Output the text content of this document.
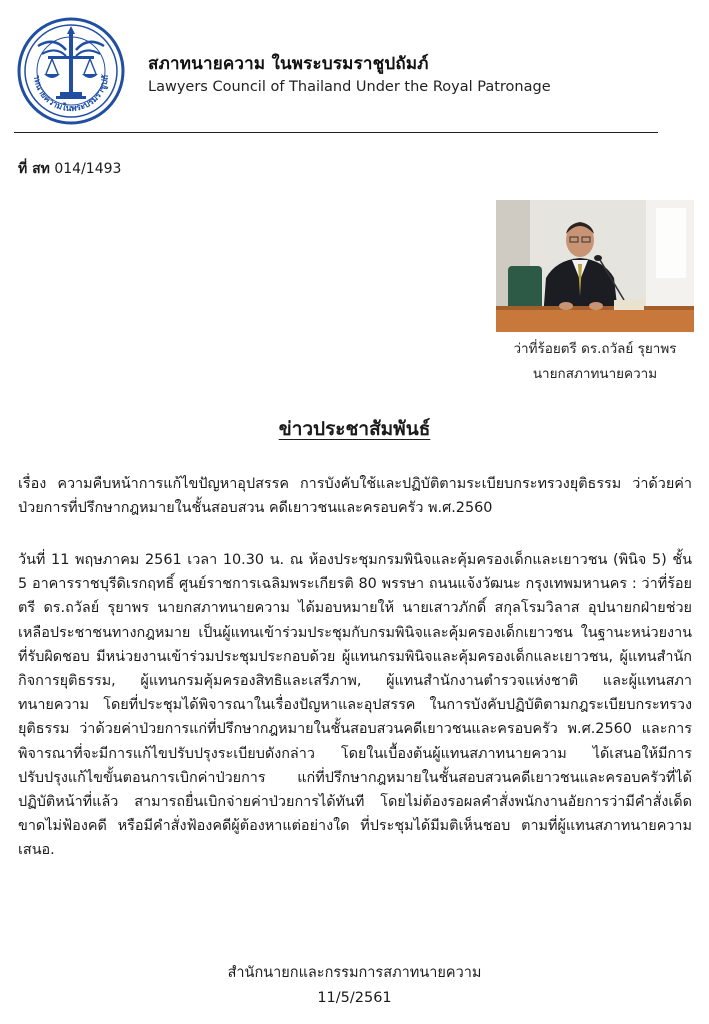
าทนายความในพระบรมราชูปถั
สภาทนายความ ในพระบรมราชูปถัมภ์
Lawyers Council of Thailand Under the Royal Patronage
ที่ สท 014/1493
ว่าที่ร้อยตรี ดร.ถวัลย์ รุยาพร
นายกสภาทนายความ
ข่าวประชาสัมพันธ์
เรื่อง ความคืบหน้าการแก้ไขปัญหาอุปสรรค การบังคับใช้และปฏิบัติตามระเบียบกระทรวงยุติธรรม ว่าด้วยค่าป่วยการที่ปรึกษากฎหมายในชั้นสอบสวน คดีเยาวชนและครอบครัว พ.ศ.2560
วันที่ 11 พฤษภาคม 2561 เวลา 10.30 น. ณ ห้องประชุมกรมพินิจและคุ้มครองเด็กและเยาวชน (พินิจ 5) ชั้น 5 อาคารราชบุรีดิเรกฤทธิ์ ศูนย์ราชการเฉลิมพระเกียรติ 80 พรรษา ถนนแจ้งวัฒนะ กรุงเทพมหานคร : ว่าที่ร้อยตรี ดร.ถวัลย์ รุยาพร นายกสภาทนายความ ได้มอบหมายให้ นายเสาวภักดิ์ สกุลโรมวิลาส อุปนายกฝ่ายช่วยเหลือประชาชนทางกฎหมาย เป็นผู้แทนเข้าร่วมประชุมกับกรมพินิจและคุ้มครองเด็กเยาวชน ในฐานะหน่วยงานที่รับผิดชอบ มีหน่วยงานเข้าร่วมประชุมประกอบด้วย ผู้แทนกรมพินิจและคุ้มครองเด็กและเยาวชน, ผู้แทนสำนักกิจการยุติธรรม, ผู้แทนกรมคุ้มครองสิทธิและเสรีภาพ, ผู้แทนสำนักงานตำรวจแห่งชาติ และผู้แทนสภาทนายความ โดยที่ประชุมได้พิจารณาในเรื่องปัญหาและอุปสรรค ในการบังคับปฏิบัติตามกฎระเบียบกระทรวงยุติธรรม ว่าด้วยค่าป่วยการแก่ที่ปรึกษากฎหมายในชั้นสอบสวนคดีเยาวชนและครอบครัว พ.ศ.2560 และการพิจารณาที่จะมีการแก้ไขปรับปรุงระเบียบดังกล่าว โดยในเบื้องต้นผู้แทนสภาทนายความ ได้เสนอให้มีการปรับปรุงแก้ไขขั้นตอนการเบิกค่าป่วยการ แก่ที่ปรึกษากฎหมายในชั้นสอบสวนคดีเยาวชนและครอบครัวที่ได้ปฏิบัติหน้าที่แล้ว สามารถยื่นเบิกจ่ายค่าป่วยการได้ทันที โดยไม่ต้องรอผลคำสั่งพนักงานอัยการว่ามีคำสั่งเด็ดขาดไม่ฟ้องคดี หรือมีคำสั่งฟ้องคดีผู้ต้องหาแต่อย่างใด ที่ประชุมได้มีมติเห็นชอบ ตามที่ผู้แทนสภาทนายความเสนอ.
สำนักนายกและกรรมการสภาทนายความ
11/5/2561
